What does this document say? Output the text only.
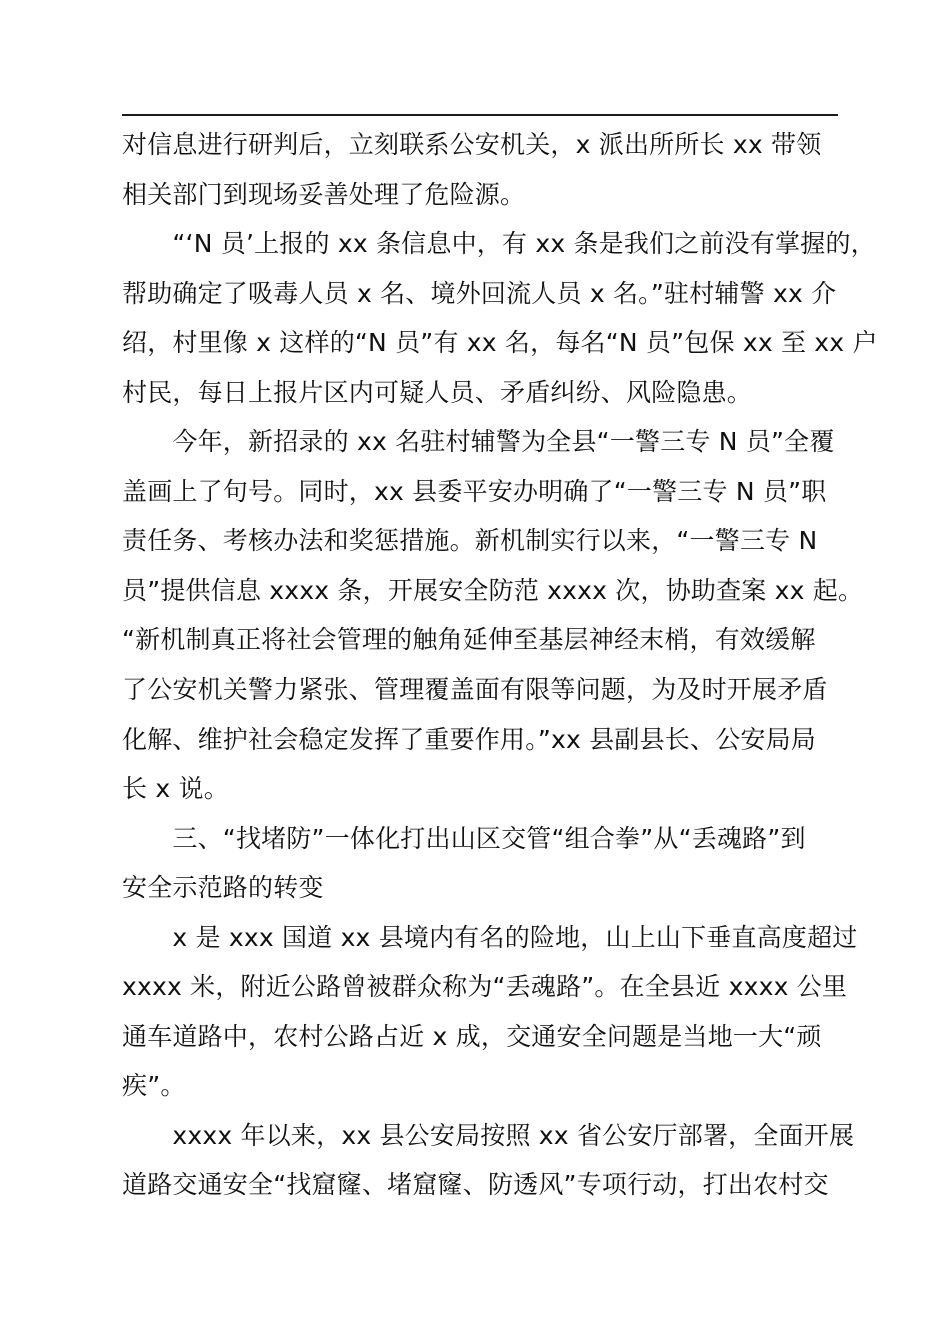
对信息进行研判后，立刻联系公安机关，x 派出所所长 xx 带领
相关部门到现场妥善处理了危险源。
　　“‘N 员’上报的 xx 条信息中，有 xx 条是我们之前没有掌握的，
帮助确定了吸毒人员 x 名、境外回流人员 x 名。”驻村辅警 xx 介
绍，村里像 x 这样的“N 员”有 xx 名，每名“N 员”包保 xx 至 xx 户
村民，每日上报片区内可疑人员、矛盾纠纷、风险隐患。
　　今年，新招录的 xx 名驻村辅警为全县“一警三专 N 员”全覆
盖画上了句号。同时，xx 县委平安办明确了“一警三专 N 员”职
责任务、考核办法和奖惩措施。新机制实行以来，“一警三专 N
员”提供信息 xxxx 条，开展安全防范 xxxx 次，协助查案 xx 起。
“新机制真正将社会管理的触角延伸至基层神经末梢，有效缓解
了公安机关警力紧张、管理覆盖面有限等问题，为及时开展矛盾
化解、维护社会稳定发挥了重要作用。”xx 县副县长、公安局局
长 x 说。
　　三、“找堵防”一体化打出山区交管“组合拳”从“丢魂路”到
安全示范路的转变
　　x 是 xxx 国道 xx 县境内有名的险地，山上山下垂直高度超过
xxxx 米，附近公路曾被群众称为“丢魂路”。在全县近 xxxx 公里
通车道路中，农村公路占近 x 成，交通安全问题是当地一大“顽
疾”。
　　xxxx 年以来，xx 县公安局按照 xx 省公安厅部署，全面开展
道路交通安全“找窟窿、堵窟窿、防透风”专项行动，打出农村交
